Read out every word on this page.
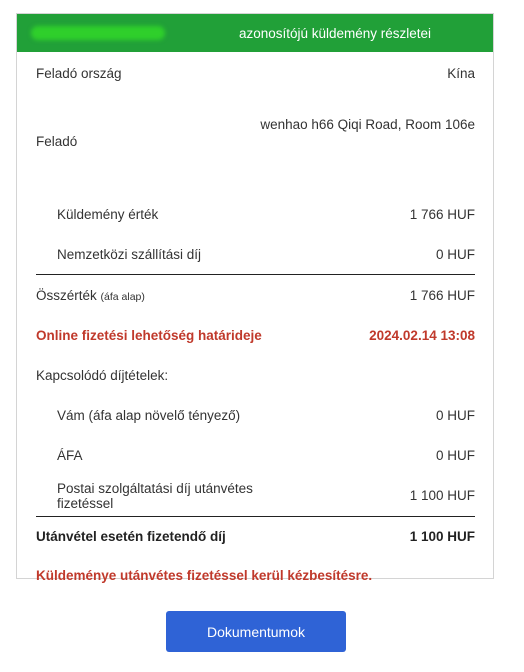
azonosítójú küldemény részletei
Feladó ország	Kína
Feladó
wenhao h66 Qiqi Road, Room 106e
Küldemény érték	1 766 HUF
Nemzetközi szállítási díj	0 HUF
Összérték (áfa alap)	1 766 HUF
Online fizetési lehetőség határideje	2024.02.14 13:08
Kapcsolódó díjtételek:
Vám (áfa alap növelő tényező)	0 HUF
ÁFA	0 HUF
Postai szolgáltatási díj utánvétes fizetéssel	1 100 HUF
Utánvétel esetén fizetendő díj	1 100 HUF
Küldeménye utánvétes fizetéssel kerül kézbesítésre.
Dokumentumok
